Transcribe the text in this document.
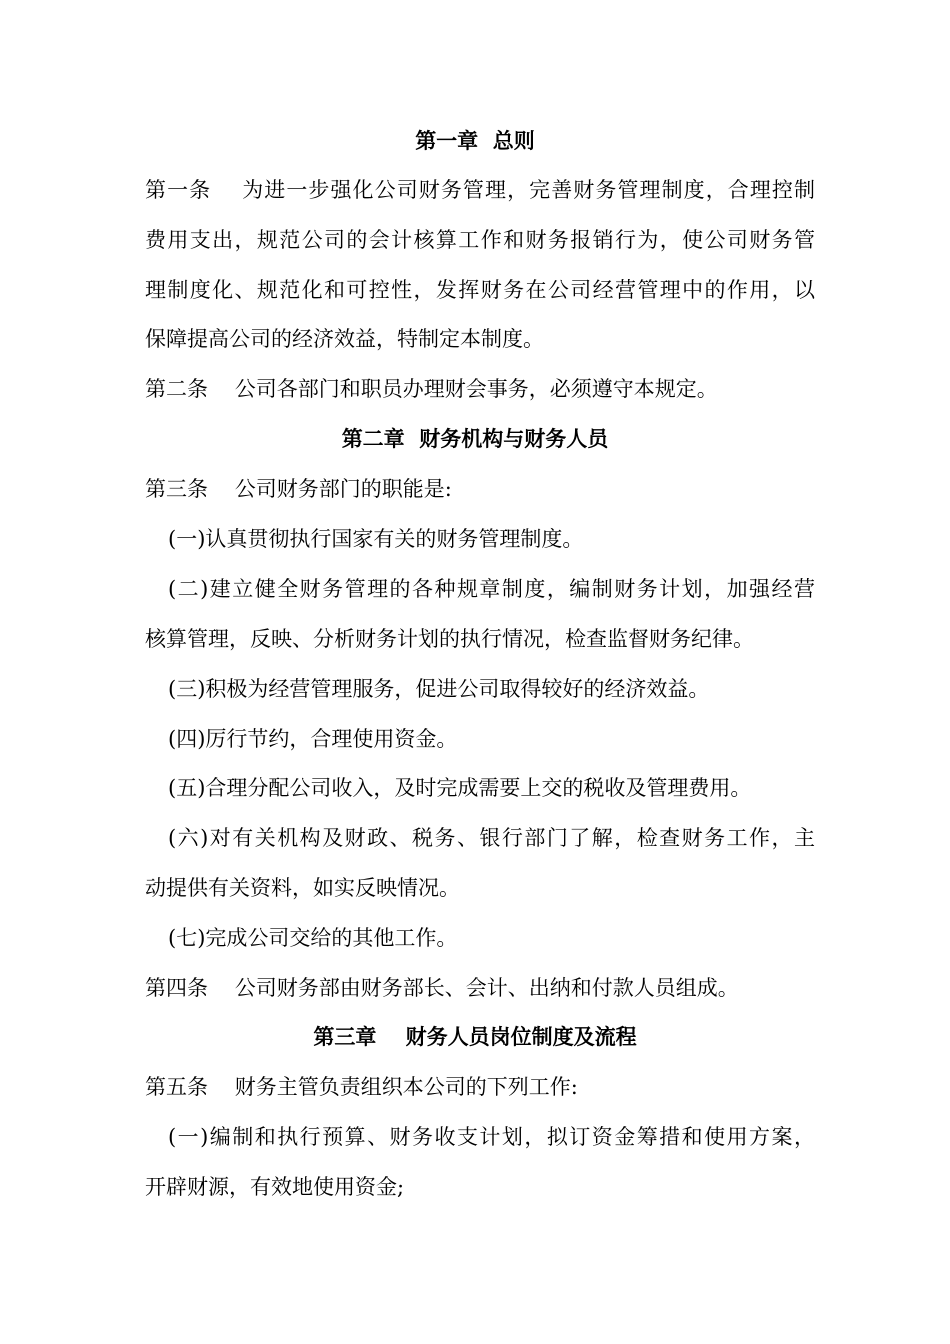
第一章  总则
第一条    为进一步强化公司财务管理，完善财务管理制度，合理控制
费用支出，规范公司的会计核算工作和财务报销行为，使公司财务管
理制度化、规范化和可控性，发挥财务在公司经营管理中的作用，以
保障提高公司的经济效益，特制定本制度。
第二条    公司各部门和职员办理财会事务，必须遵守本规定。
第二章  财务机构与财务人员
第三条    公司财务部门的职能是:
(一)认真贯彻执行国家有关的财务管理制度。
(二)建立健全财务管理的各种规章制度，编制财务计划，加强经营
核算管理，反映、分析财务计划的执行情况，检查监督财务纪律。
(三)积极为经营管理服务，促进公司取得较好的经济效益。
(四)厉行节约，合理使用资金。
(五)合理分配公司收入，及时完成需要上交的税收及管理费用。
(六)对有关机构及财政、税务、银行部门了解，检查财务工作，主
动提供有关资料，如实反映情况。
(七)完成公司交给的其他工作。
第四条    公司财务部由财务部长、会计、出纳和付款人员组成。
第三章    财务人员岗位制度及流程
第五条    财务主管负责组织本公司的下列工作:
(一)编制和执行预算、财务收支计划，拟订资金筹措和使用方案，
开辟财源，有效地使用资金;
